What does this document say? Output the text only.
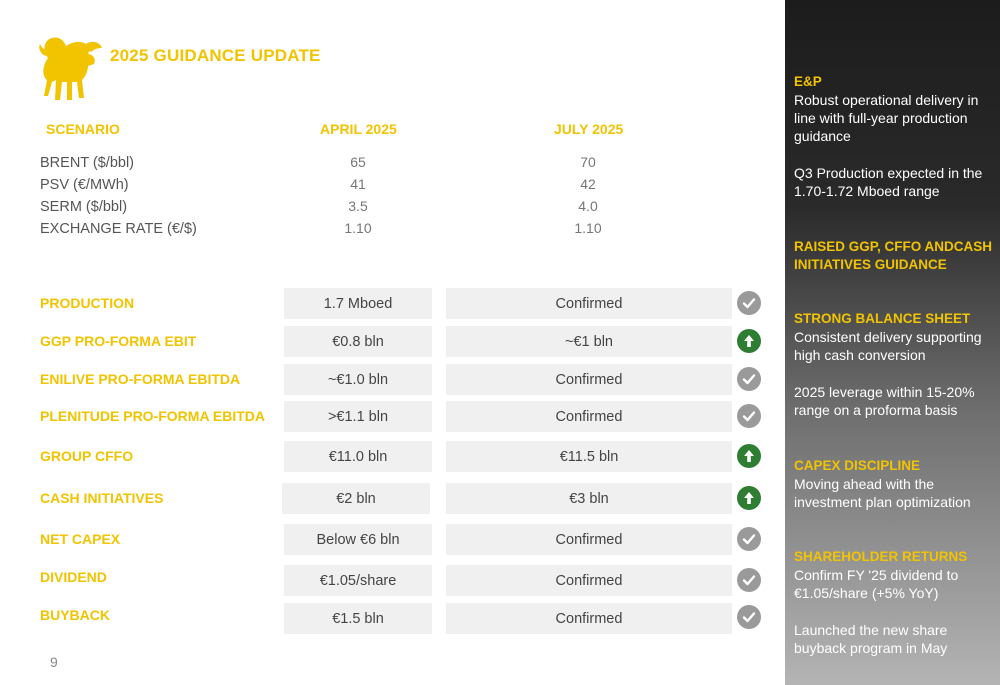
2025 GUIDANCE UPDATE
SCENARIO	APRIL 2025	JULY 2025
BRENT ($/bbl)	65	70
PSV (€/MWh)	41	42
SERM ($/bbl)	3.5	4.0
EXCHANGE RATE (€/$)	1.10	1.10
PRODUCTION	1.7 Mboed	Confirmed
GGP PRO-FORMA EBIT	€0.8 bln	~€1 bln
ENILIVE PRO-FORMA EBITDA	~€1.0 bln	Confirmed
PLENITUDE PRO-FORMA EBITDA	>€1.1 bln	Confirmed
GROUP CFFO	€11.0 bln	€11.5 bln
CASH INITIATIVES	€2 bln	€3 bln
NET CAPEX	Below €6 bln	Confirmed
DIVIDEND	€1.05/share	Confirmed
BUYBACK	€1.5 bln	Confirmed
9
E&P
Robust operational delivery in line with full-year production guidance
Q3 Production expected in the 1.70-1.72 Mboed range
RAISED GGP, CFFO ANDCASH INITIATIVES GUIDANCE
STRONG BALANCE SHEET
Consistent delivery supporting high cash conversion
2025 leverage within 15-20% range on a proforma basis
CAPEX DISCIPLINE
Moving ahead with the investment plan optimization
SHAREHOLDER RETURNS
Confirm FY '25 dividend to €1.05/share (+5% YoY)
Launched the new share buyback program in May
